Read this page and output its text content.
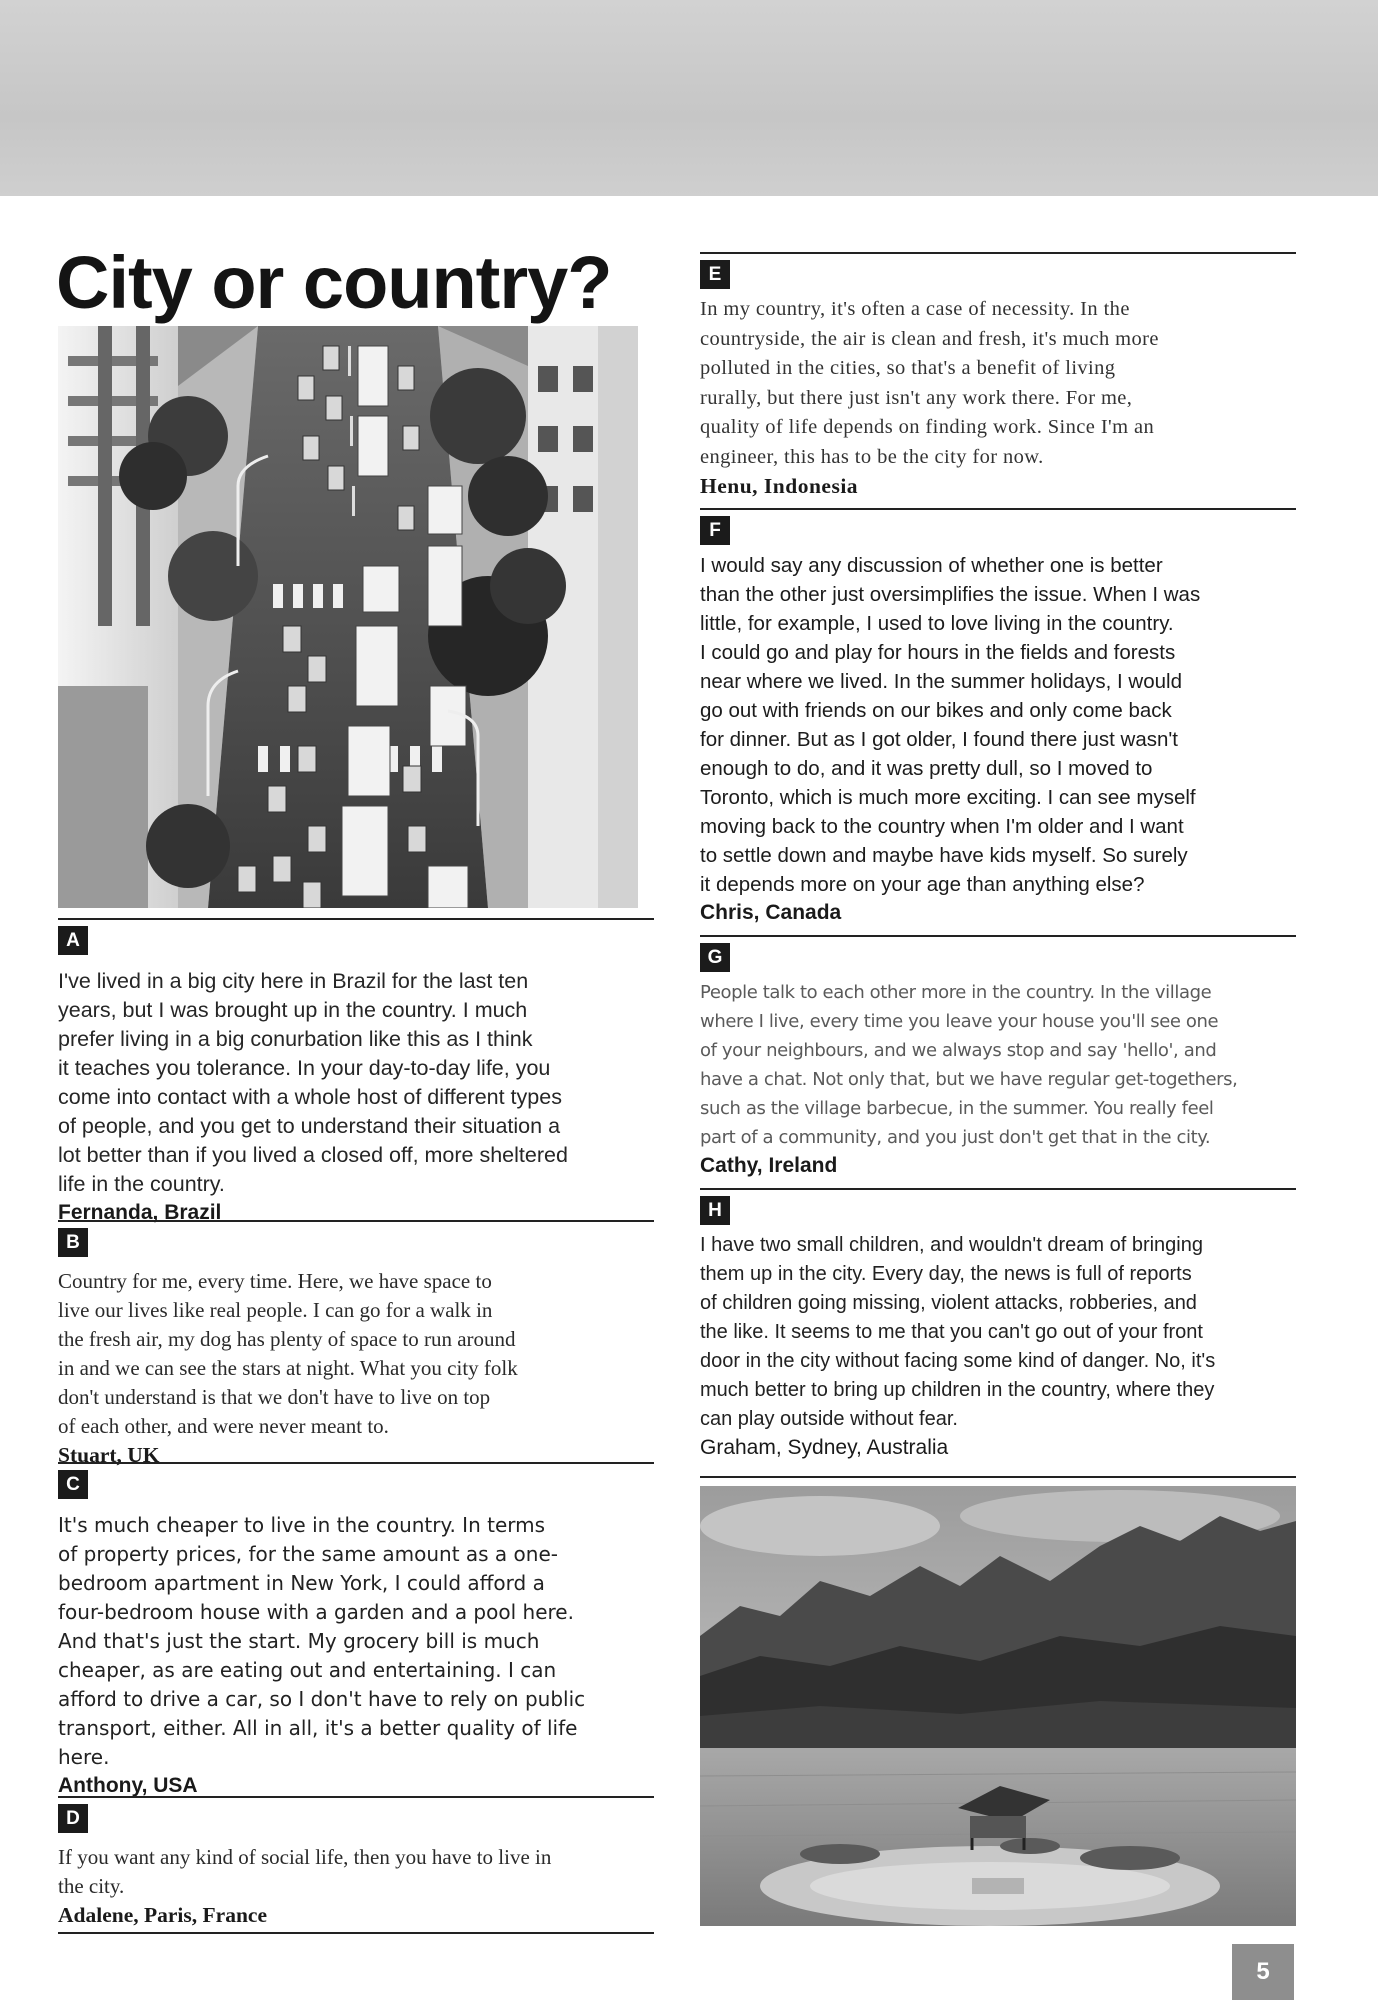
City or country?
A

I've lived in a big city here in Brazil for the last ten
years, but I was brought up in the country. I much
prefer living in a big conurbation like this as I think
it teaches you tolerance. In your day-to-day life, you
come into contact with a whole host of different types
of people, and you get to understand their situation a
lot better than if you lived a closed off, more sheltered
life in the country.

Fernanda, Brazil
B

Country for me, every time. Here, we have space to
live our lives like real people. I can go for a walk in
the fresh air, my dog has plenty of space to run around
in and we can see the stars at night. What you city folk
don't understand is that we don't have to live on top
of each other, and were never meant to.

Stuart, UK
C

It's much cheaper to live in the country. In terms
of property prices, for the same amount as a one-
bedroom apartment in New York, I could afford a
four-bedroom house with a garden and a pool here.
And that's just the start. My grocery bill is much
cheaper, as are eating out and entertaining. I can
afford to drive a car, so I don't have to rely on public
transport, either. All in all, it's a better quality of life
here.

Anthony, USA
D

If you want any kind of social life, then you have to live in
the city.

Adalene, Paris, France
E

In my country, it's often a case of necessity. In the
countryside, the air is clean and fresh, it's much more
polluted in the cities, so that's a benefit of living
rurally, but there just isn't any work there. For me,
quality of life depends on finding work. Since I'm an
engineer, this has to be the city for now.

Henu, Indonesia
F

I would say any discussion of whether one is better
than the other just oversimplifies the issue. When I was
little, for example, I used to love living in the country.
I could go and play for hours in the fields and forests
near where we lived. In the summer holidays, I would
go out with friends on our bikes and only come back
for dinner. But as I got older, I found there just wasn't
enough to do, and it was pretty dull, so I moved to
Toronto, which is much more exciting. I can see myself
moving back to the country when I'm older and I want
to settle down and maybe have kids myself. So surely
it depends more on your age than anything else?

Chris, Canada
G

People talk to each other more in the country. In the village
where I live, every time you leave your house you'll see one
of your neighbours, and we always stop and say 'hello', and
have a chat. Not only that, but we have regular get-togethers,
such as the village barbecue, in the summer. You really feel
part of a community, and you just don't get that in the city.

Cathy, Ireland
H

I have two small children, and wouldn't dream of bringing
them up in the city. Every day, the news is full of reports
of children going missing, violent attacks, robberies, and
the like. It seems to me that you can't go out of your front
door in the city without facing some kind of danger. No, it's
much better to bring up children in the country, where they
can play outside without fear.

Graham, Sydney, Australia
5
